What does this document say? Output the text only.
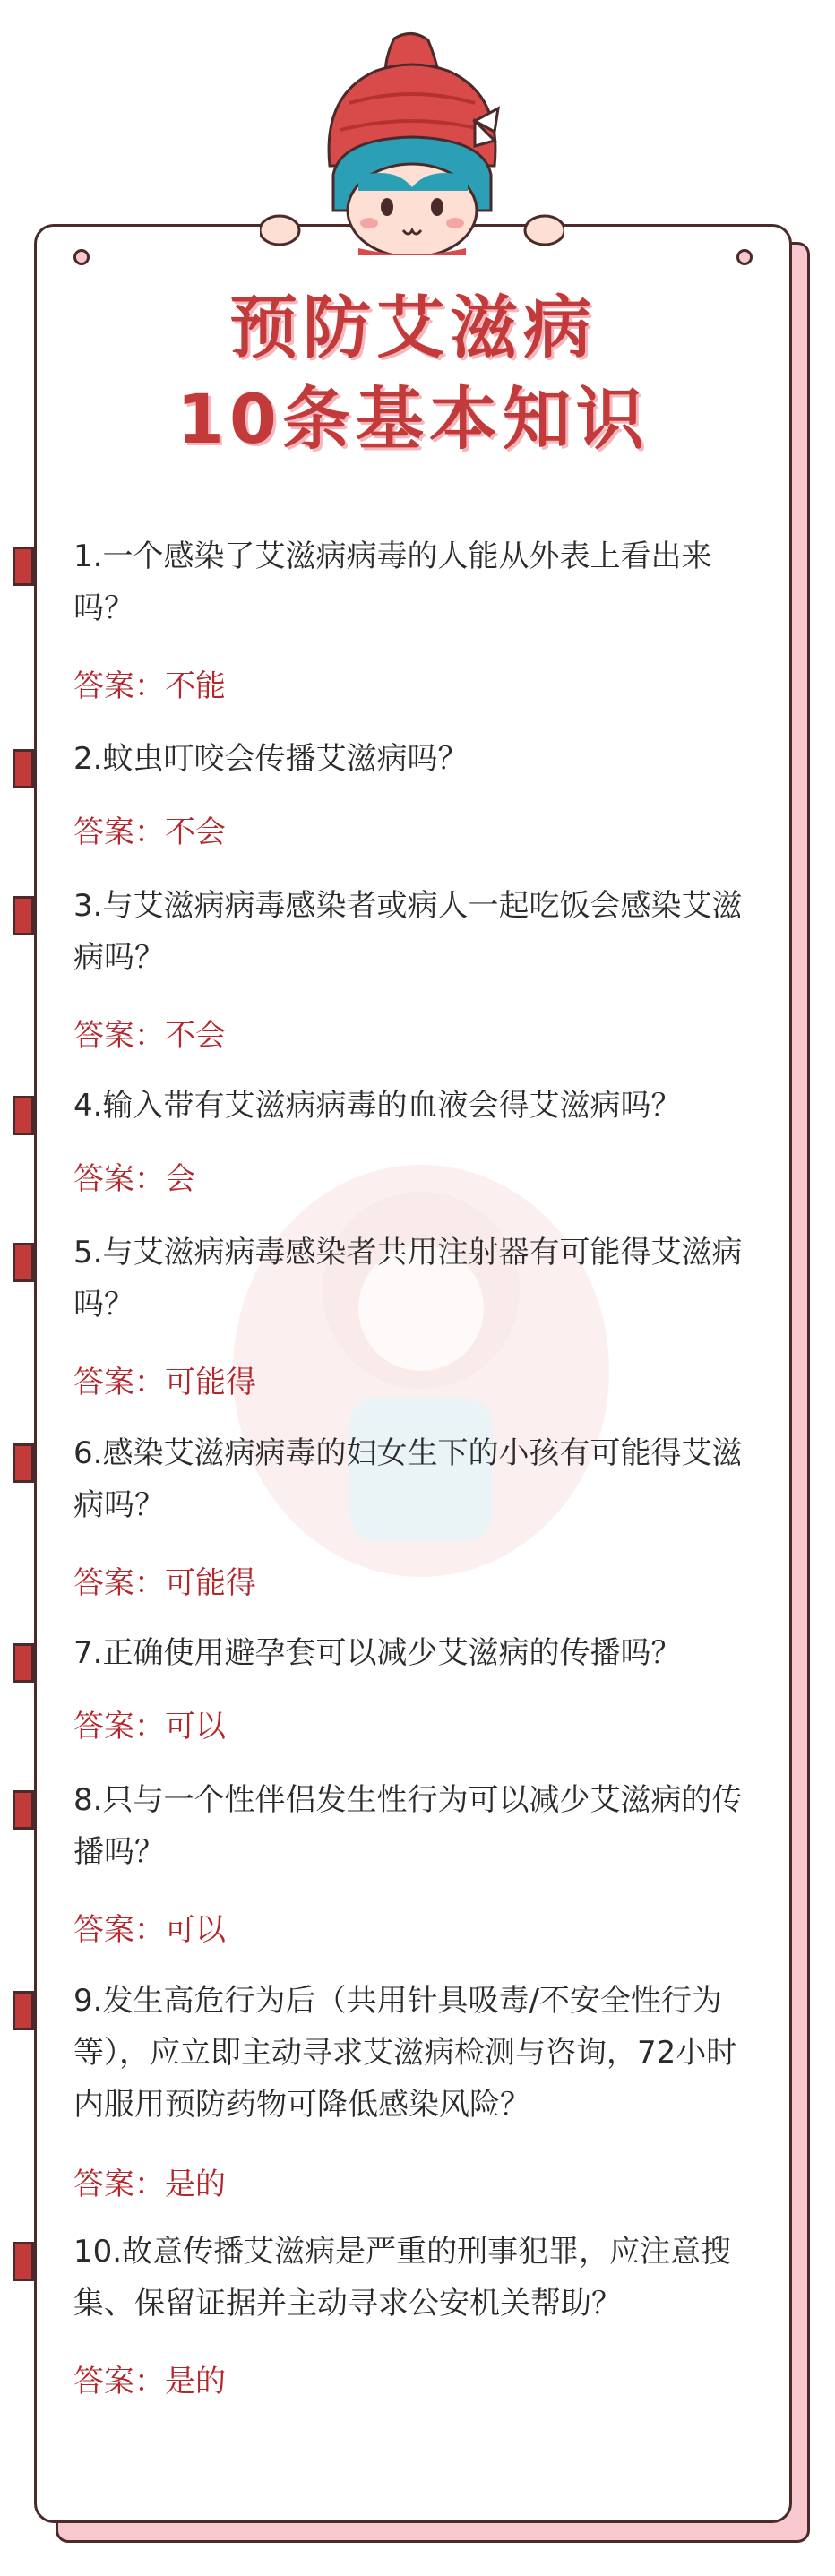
预防艾滋病
10条基本知识

1.一个感染了艾滋病病毒的人能从外表上看出来吗？

答案：不能

2.蚊虫叮咬会传播艾滋病吗？

答案：不会

3.与艾滋病病毒感染者或病人一起吃饭会感染艾滋病吗？

答案：不会

4.输入带有艾滋病病毒的血液会得艾滋病吗？

答案：会

5.与艾滋病病毒感染者共用注射器有可能得艾滋病吗？

答案：可能得

6.感染艾滋病病毒的妇女生下的小孩有可能得艾滋病吗？

答案：可能得

7.正确使用避孕套可以减少艾滋病的传播吗？

答案：可以

8.只与一个性伴侣发生性行为可以减少艾滋病的传播吗？

答案：可以

9.发生高危行为后（共用针具吸毒/不安全性行为等），应立即主动寻求艾滋病检测与咨询，72小时内服用预防药物可降低感染风险？

答案：是的

10.故意传播艾滋病是严重的刑事犯罪，应注意搜集、保留证据并主动寻求公安机关帮助？

答案：是的
